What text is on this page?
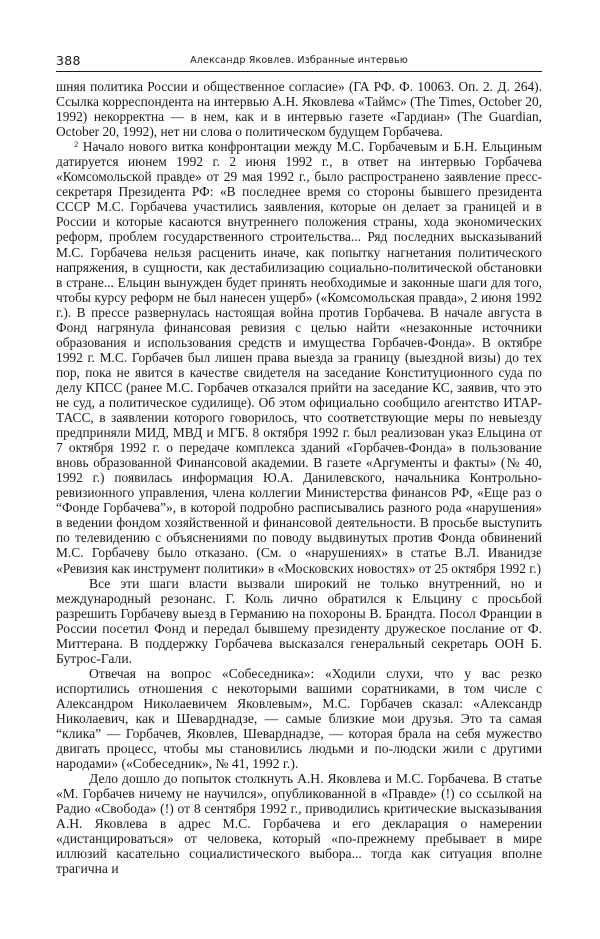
388	Александр Яковлев. Избранные интервью

шняя политика России и общественное согласие» (ГА РФ. Ф. 10063. Оп. 2. Д. 264). Ссылка корреспондента на интервью А.Н. Яковлева «Таймс» (The Times, October 20, 1992) некорректна — в нем, как и в интервью газете «Гардиан» (The Guardian, October 20, 1992), нет ни слова о политическом будущем Горбачева.

$^2$ Начало нового витка конфронтации между М.С. Горбачевым и Б.Н. Ельциным датируется июнем 1992 г. 2 июня 1992 г., в ответ на интервью Горбачева «Комсомольской правде» от 29 мая 1992 г., было распространено заявление пресс-секретаря Президента РФ: «В последнее время со стороны бывшего президента СССР М.С. Горбачева участились заявления, которые он делает за границей и в России и которые касаются внутреннего положения страны, хода экономических реформ, проблем государственного строительства... Ряд последних высказываний М.С. Горбачева нельзя расценить иначе, как попытку нагнетания политического напряжения, в сущности, как дестабилизацию социально-политической обстановки в стране... Ельцин вынужден будет принять необходимые и законные шаги для того, чтобы курсу реформ не был нанесен ущерб» («Комсомольская правда», 2 июня 1992 г.). В прессе развернулась настоящая война против Горбачева. В начале августа в Фонд нагрянула финансовая ревизия с целью найти «незаконные источники образования и использования средств и имущества Горбачев-Фонда». В октябре 1992 г. М.С. Горбачев был лишен права выезда за границу (выездной визы) до тех пор, пока не явится в качестве свидетеля на заседание Конституционного суда по делу КПСС (ранее М.С. Горбачев отказался прийти на заседание КС, заявив, что это не суд, а политическое судилище). Об этом официально сообщило агентство ИТАР-ТАСС, в заявлении которого говорилось, что соответствующие меры по невыезду предприняли МИД, МВД и МГБ. 8 октября 1992 г. был реализован указ Ельцина от 7 октября 1992 г. о передаче комплекса зданий «Горбачев-Фонда» в пользование вновь образованной Финансовой академии. В газете «Аргументы и факты» (№ 40, 1992 г.) появилась информация Ю.А. Данилевского, начальника Контрольно-ревизионного управления, члена коллегии Министерства финансов РФ, «Еще раз о “Фонде Горбачева”», в которой подробно расписывались разного рода «нарушения» в ведении фондом хозяйственной и финансовой деятельности. В просьбе выступить по телевидению с объяснениями по поводу выдвинутых против Фонда обвинений М.С. Горбачеву было отказано. (См. о «нарушениях» в статье В.Л. Иванидзе «Ревизия как инструмент политики» в «Московских новостях» от 25 октября 1992 г.)

Все эти шаги власти вызвали широкий не только внутренний, но и международный резонанс. Г. Коль лично обратился к Ельцину с просьбой разрешить Горбачеву выезд в Германию на похороны В. Брандта. Посол Франции в России посетил Фонд и передал бывшему президенту дружеское послание от Ф. Миттерана. В поддержку Горбачева высказался генеральный секретарь ООН Б. Бутрос-Гали.

Отвечая на вопрос «Собеседника»: «Ходили слухи, что у вас резко испортились отношения с некоторыми вашими соратниками, в том числе с Александром Николаевичем Яковлевым», М.С. Горбачев сказал: «Александр Николаевич, как и Шеварднадзе, — самые близкие мои друзья. Это та самая “клика” — Горбачев, Яковлев, Шеварднадзе, — которая брала на себя мужество двигать процесс, чтобы мы становились людьми и по-людски жили с другими народами» («Собеседник», № 41, 1992 г.).

Дело дошло до попыток столкнуть А.Н. Яковлева и М.С. Горбачева. В статье «М. Горбачев ничему не научился», опубликованной в «Правде» (!) со ссылкой на Радио «Свобода» (!) от 8 сентября 1992 г., приводились критические высказывания А.Н. Яковлева в адрес М.С. Горбачева и его декларация о намерении «дистанцироваться» от человека, который «по-прежнему пребывает в мире иллюзий касательно социалистического выбора... тогда как ситуация вполне трагична и
